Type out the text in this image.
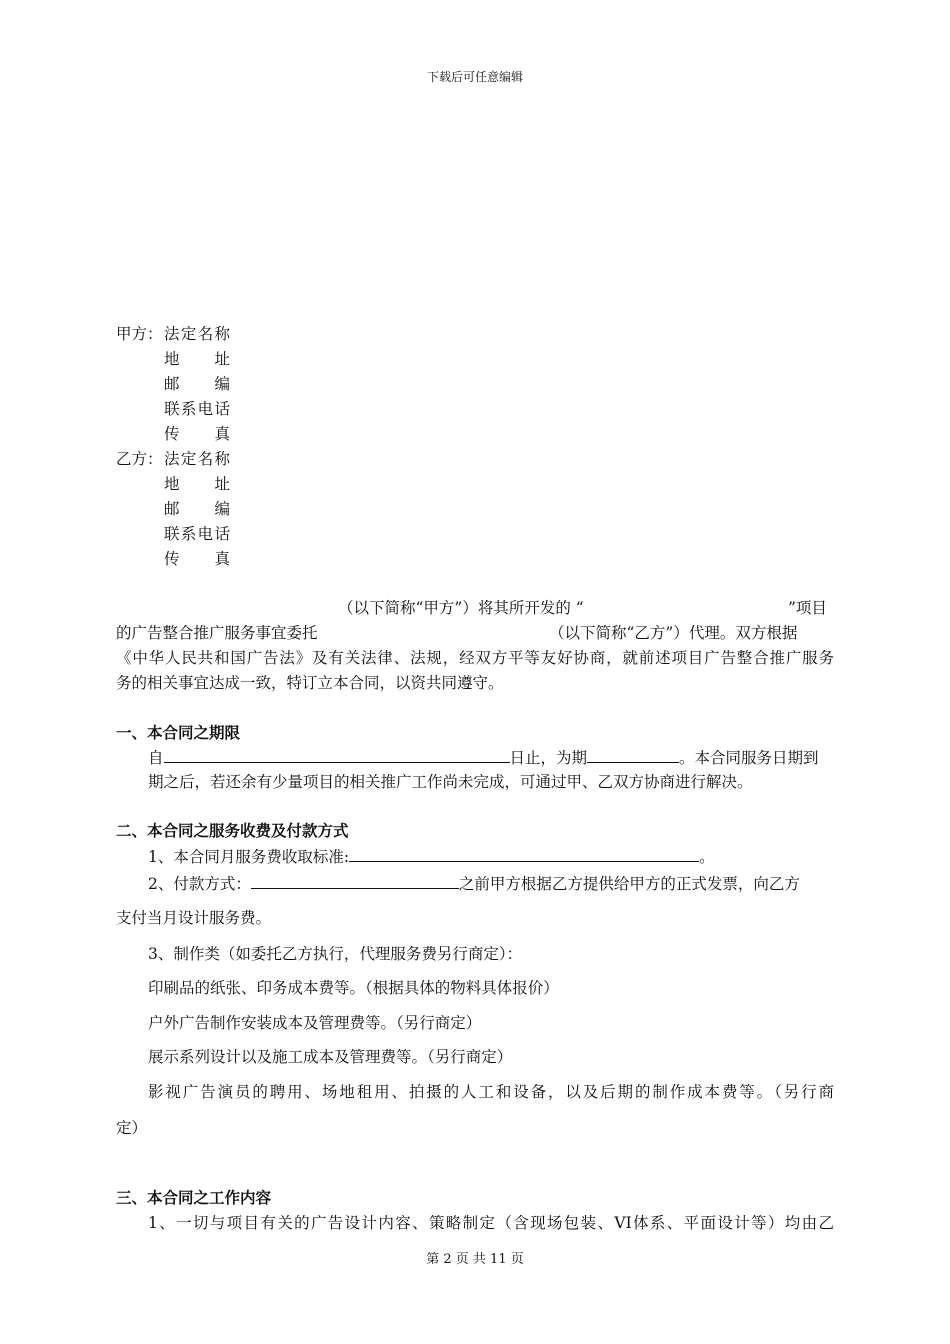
下载后可任意编辑
甲方： 法定名称
地　址
邮　编
联系电话
传　真
乙方： 法定名称
地　址
邮　编
联系电话
传　真
（以下简称“甲方”）将其所开发的 “	”项目
的广告整合推广服务事宜委托	（以下简称“乙方”）代理。双方根据
《中华人民共和国广告法》及有关法律、法规，经双方平等友好协商，就前述项目广告整合推广服务
务的相关事宜达成一致，特订立本合同，以资共同遵守。
一、本合同之期限
自	日止，为期	。本合同服务日期到
期之后，若还余有少量项目的相关推广工作尚未完成，可通过甲、乙双方协商进行解决。
二、本合同之服务收费及付款方式
1、本合同月服务费收取标准:	。
2、付款方式：	之前甲方根据乙方提供给甲方的正式发票，向乙方
支付当月设计服务费。
3、制作类（如委托乙方执行，代理服务费另行商定）：
印刷品的纸张、印务成本费等。（根据具体的物料具体报价）
户外广告制作安装成本及管理费等。（另行商定）
展示系列设计以及施工成本及管理费等。（另行商定）
影视广告演员的聘用、场地租用、拍摄的人工和设备，以及后期的制作成本费等。（另行商
定）
三、本合同之工作内容
1、一切与项目有关的广告设计内容、策略制定（含现场包装、VI体系、平面设计等）均由乙
第 2 页 共 11 页
